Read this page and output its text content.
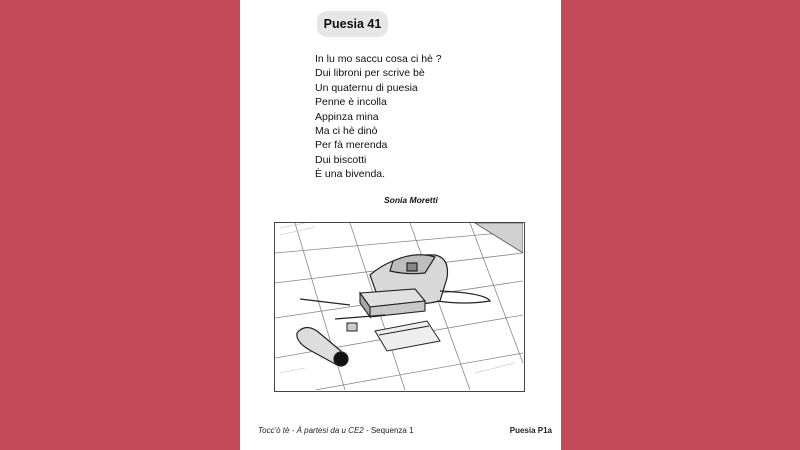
Puesia 41
In lu mo saccu cosa ci hè ?
Dui libroni per scrive bè
Un quaternu di puesia
Penne è incolla
Appinza mina
Ma ci hè dinò
Per fà merenda
Dui biscotti
È una bivenda.
Sonia Moretti
Tocc'ò tè - À partesi da u CE2 - Sequenza 1	Puesia P1a
